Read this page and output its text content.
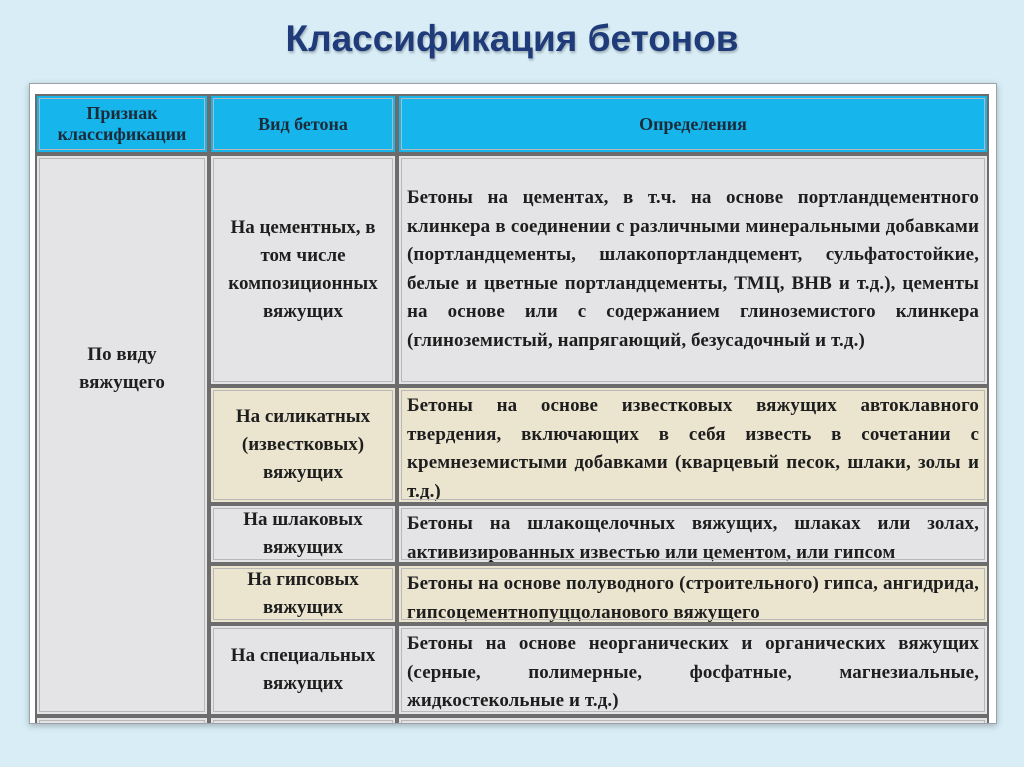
Классификация бетонов
Признак классификации
Вид бетона	Определения
По виду вяжущего
На цементных, в том числе композиционных вяжущих
Бетоны на цементах, в т.ч. на основе портландцементного клинкера в соединении с различными минеральными добавками (портландцементы, шлакопортландцемент, сульфатостойкие, белые и цветные портландцементы, ТМЦ, ВНВ и т.д.), цементы на основе или с содержанием глиноземистого клинкера (глиноземистый, напрягающий, безусадочный и т.д.)
На силикатных (известковых) вяжущих
Бетоны на основе известковых вяжущих автоклавного твердения, включающих в себя известь в сочетании с кремнеземистыми добавками (кварцевый песок, шлаки, золы и т.д.)
На шлаковых вяжущих
Бетоны на шлакощелочных вяжущих, шлаках или золах, активизированных известью или цементом, или гипсом
На гипсовых вяжущих
Бетоны на основе полуводного (строительного) гипса, ангидрида, гипсоцементнопуццоланового вяжущего
На специальных вяжущих
Бетоны на основе неорганических и органических вяжущих (серные, полимерные, фосфатные, магнезиальные, жидкостекольные и т.д.)
